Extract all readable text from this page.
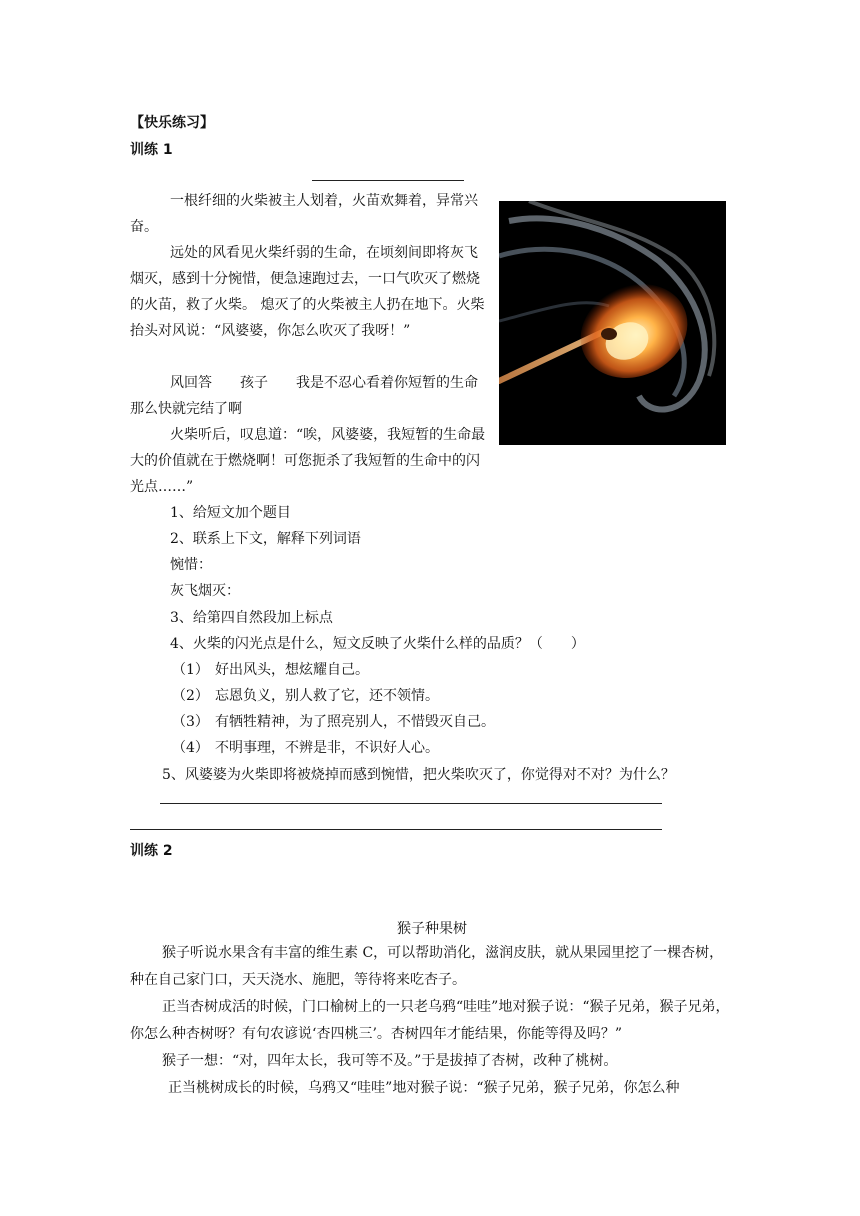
【快乐练习】
训练 1

一根纤细的火柴被主人划着，火苗欢舞着，异常兴奋。

远处的风看见火柴纤弱的生命，在顷刻间即将灰飞烟灭，感到十分惋惜，便急速跑过去，一口气吹灭了燃烧的火苗，救了火柴。 熄灭了的火柴被主人扔在地下。火柴抬头对风说：“风婆婆，你怎么吹灭了我呀！”

风回答　　孩子　　我是不忍心看着你短暂的生命那么快就完结了啊

火柴听后，叹息道：“唉，风婆婆，我短暂的生命最大的价值就在于燃烧啊！可您扼杀了我短暂的生命中的闪光点……”

1、给短文加个题目
2、联系上下文，解释下列词语
惋惜：
灰飞烟灭：
3、给第四自然段加上标点
4、火柴的闪光点是什么，短文反映了火柴什么样的品质？（　　）
（1） 好出风头，想炫耀自己。
（2） 忘恩负义，别人救了它，还不领情。
（3） 有牺牲精神，为了照亮别人，不惜毁灭自己。
（4） 不明事理，不辨是非，不识好人心。
5、风婆婆为火柴即将被烧掉而感到惋惜，把火柴吹灭了，你觉得对不对？为什么？
训练 2
猴子种果树

猴子听说水果含有丰富的维生素 C，可以帮助消化，滋润皮肤，就从果园里挖了一棵杏树，种在自己家门口，天天浇水、施肥，等待将来吃杏子。

正当杏树成活的时候，门口榆树上的一只老乌鸦“哇哇”地对猴子说：“猴子兄弟，猴子兄弟，你怎么种杏树呀？有句农谚说‘杏四桃三’。杏树四年才能结果，你能等得及吗？”

猴子一想：“对，四年太长，我可等不及。”于是拔掉了杏树，改种了桃树。

正当桃树成长的时候，乌鸦又“哇哇”地对猴子说：“猴子兄弟，猴子兄弟，你怎么种
